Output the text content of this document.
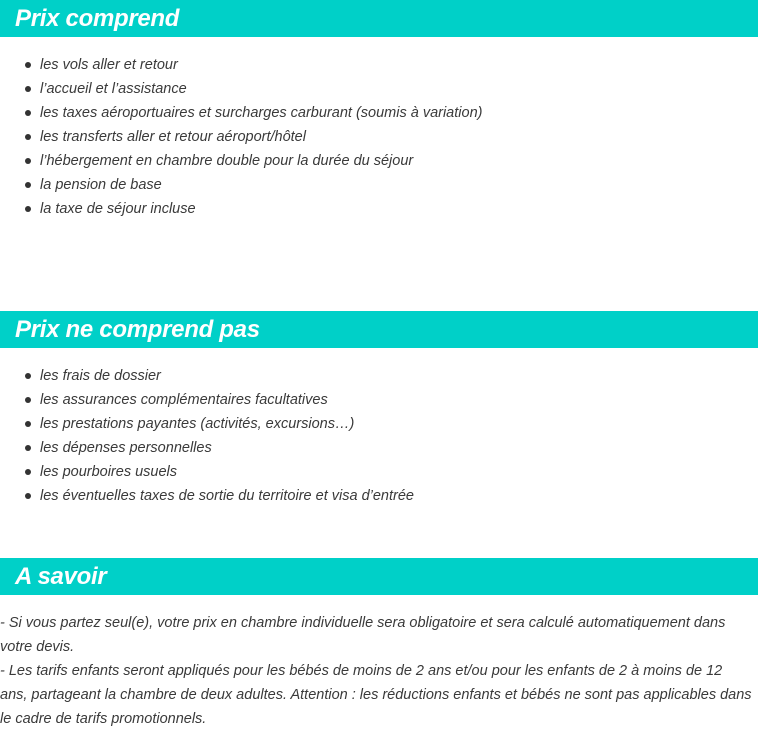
Prix comprend
les vols aller et retour
l’accueil et l’assistance
les taxes aéroportuaires et surcharges carburant (soumis à variation)
les transferts aller et retour aéroport/hôtel
l’hébergement en chambre double pour la durée du séjour
la pension de base
la taxe de séjour incluse
Prix ne comprend pas
les frais de dossier
les assurances complémentaires facultatives
les prestations payantes (activités, excursions…)
les dépenses personnelles
les pourboires usuels
les éventuelles taxes de sortie du territoire et visa d’entrée
A savoir
- Si vous partez seul(e), votre prix en chambre individuelle sera obligatoire et sera calculé automatiquement dans votre devis.
- Les tarifs enfants seront appliqués pour les bébés de moins de 2 ans et/ou pour les enfants de 2 à moins de 12 ans, partageant la chambre de deux adultes. Attention : les réductions enfants et bébés ne sont pas applicables dans le cadre de tarifs promotionnels.
